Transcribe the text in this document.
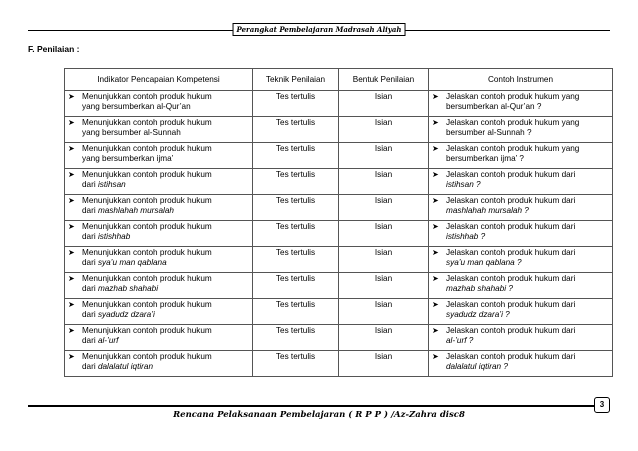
Perangkat Pembelajaran Madrasah Aliyah
F. Penilaian :
Indikator Pencapaian Kompetensi	Teknik Penilaian	Bentuk Penilaian	Contoh Instrumen

➤ Menunjukkan contoh produk hukum
yang bersumberkan al-Qur’an	Tes tertulis	Isian	➤ Jelaskan contoh produk hukum yang
bersumberkan al-Qur’an ?

➤ Menunjukkan contoh produk hukum
yang bersumber al-Sunnah	Tes tertulis	Isian	➤ Jelaskan contoh produk hukum yang
bersumber al-Sunnah ?

➤ Menunjukkan contoh produk hukum
yang bersumberkan ijma’	Tes tertulis	Isian	➤ Jelaskan contoh produk hukum yang
bersumberkan ijma’ ?

➤ Menunjukkan contoh produk hukum
dari istihsan	Tes tertulis	Isian	➤ Jelaskan contoh produk hukum dari
istihsan ?

➤ Menunjukkan contoh produk hukum
dari mashlahah mursalah	Tes tertulis	Isian	➤ Jelaskan contoh produk hukum dari
mashlahah mursalah ?

➤ Menunjukkan contoh produk hukum
dari istishhab	Tes tertulis	Isian	➤ Jelaskan contoh produk hukum dari
istishhab ?

➤ Menunjukkan contoh produk hukum
dari sya’u man qablana	Tes tertulis	Isian	➤ Jelaskan contoh produk hukum dari
sya’u man qablana ?

➤ Menunjukkan contoh produk hukum
dari mazhab shahabi	Tes tertulis	Isian	➤ Jelaskan contoh produk hukum dari
mazhab shahabi ?

➤ Menunjukkan contoh produk hukum
dari syadudz dzara’i	Tes tertulis	Isian	➤ Jelaskan contoh produk hukum dari
syadudz dzara’i ?

➤ Menunjukkan contoh produk hukum
dari al-’urf	Tes tertulis	Isian	➤ Jelaskan contoh produk hukum dari
al-’urf ?

➤ Menunjukkan contoh produk hukum
dari dalalatul iqtiran	Tes tertulis	Isian	➤ Jelaskan contoh produk hukum dari
dalalatul iqtiran ?
3
Rencana Pelaksanaan Pembelajaran ( R P P ) /Az-Zahra disc8
